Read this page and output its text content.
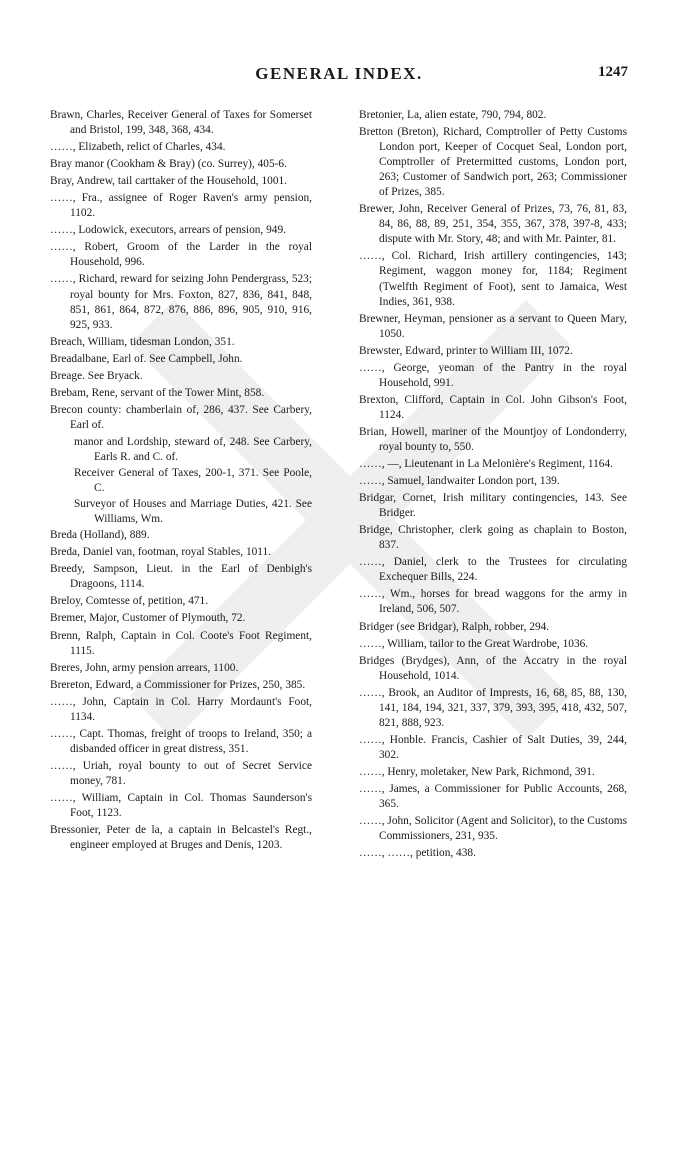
GENERAL INDEX.	1247

Brawn, Charles, Receiver General of Taxes for Somerset and Bristol, 199, 348, 368, 434.

……, Elizabeth, relict of Charles, 434.

Bray manor (Cookham & Bray) (co. Surrey), 405-6.

Bray, Andrew, tail carttaker of the Household, 1001.

……, Fra., assignee of Roger Raven's army pension, 1102.

……, Lodowick, executors, arrears of pension, 949.

……, Robert, Groom of the Larder in the royal Household, 996.

……, Richard, reward for seizing John Pendergrass, 523; royal bounty for Mrs. Foxton, 827, 836, 841, 848, 851, 861, 864, 872, 876, 886, 896, 905, 910, 916, 925, 933.

Breach, William, tidesman London, 351.

Breadalbane, Earl of. See Campbell, John.

Breage. See Bryack.

Brebam, Rene, servant of the Tower Mint, 858.

Brecon county: chamberlain of, 286, 437. See Carbery, Earl of.

manor and Lordship, steward of, 248. See Carbery, Earls R. and C. of.

Receiver General of Taxes, 200-1, 371. See Poole, C.

Surveyor of Houses and Marriage Duties, 421. See Williams, Wm.

Breda (Holland), 889.

Breda, Daniel van, footman, royal Stables, 1011.

Breedy, Sampson, Lieut. in the Earl of Denbigh's Dragoons, 1114.

Breloy, Comtesse of, petition, 471.

Bremer, Major, Customer of Plymouth, 72.

Brenn, Ralph, Captain in Col. Coote's Foot Regiment, 1115.

Breres, John, army pension arrears, 1100.

Brereton, Edward, a Commissioner for Prizes, 250, 385.

……, John, Captain in Col. Harry Mordaunt's Foot, 1134.

……, Capt. Thomas, freight of troops to Ireland, 350; a disbanded officer in great distress, 351.

……, Uriah, royal bounty to out of Secret Service money, 781.

……, William, Captain in Col. Thomas Saunderson's Foot, 1123.

Bressonier, Peter de la, a captain in Belcastel's Regt., engineer employed at Bruges and Denis, 1203.

Bretonier, La, alien estate, 790, 794, 802.

Bretton (Breton), Richard, Comptroller of Petty Customs London port, Keeper of Cocquet Seal, London port, Comptroller of Pretermitted customs, London port, 263; Customer of Sandwich port, 263; Commissioner of Prizes, 385.

Brewer, John, Receiver General of Prizes, 73, 76, 81, 83, 84, 86, 88, 89, 251, 354, 355, 367, 378, 397-8, 433; dispute with Mr. Story, 48; and with Mr. Painter, 81.

……, Col. Richard, Irish artillery contingencies, 143; Regiment, waggon money for, 1184; Regiment (Twelfth Regiment of Foot), sent to Jamaica, West Indies, 361, 938.

Brewner, Heyman, pensioner as a servant to Queen Mary, 1050.

Brewster, Edward, printer to William III, 1072.

……, George, yeoman of the Pantry in the royal Household, 991.

Brexton, Clifford, Captain in Col. John Gibson's Foot, 1124.

Brian, Howell, mariner of the Mountjoy of Londonderry, royal bounty to, 550.

……, —, Lieutenant in La Melonière's Regiment, 1164.

……, Samuel, landwaiter London port, 139.

Bridgar, Cornet, Irish military contingencies, 143. See Bridger.

Bridge, Christopher, clerk going as chaplain to Boston, 837.

……, Daniel, clerk to the Trustees for circulating Exchequer Bills, 224.

……, Wm., horses for bread waggons for the army in Ireland, 506, 507.

Bridger (see Bridgar), Ralph, robber, 294.

……, William, tailor to the Great Wardrobe, 1036.

Bridges (Brydges), Ann, of the Accatry in the royal Household, 1014.

……, Brook, an Auditor of Imprests, 16, 68, 85, 88, 130, 141, 184, 194, 321, 337, 379, 393, 395, 418, 432, 507, 821, 888, 923.

……, Honble. Francis, Cashier of Salt Duties, 39, 244, 302.

……, Henry, moletaker, New Park, Richmond, 391.

……, James, a Commissioner for Public Accounts, 268, 365.

……, John, Solicitor (Agent and Solicitor), to the Customs Commissioners, 231, 935.

……, ……, petition, 438.
